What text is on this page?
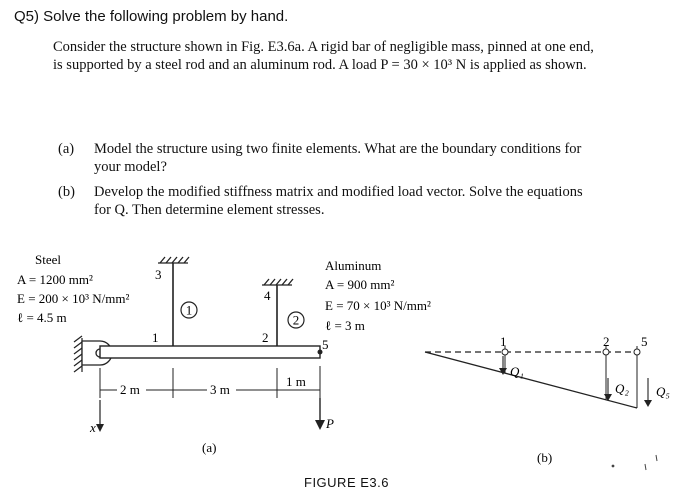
Q5) Solve the following problem by hand.
Consider the structure shown in Fig. E3.6a. A rigid bar of negligible mass, pinned at one end,
is supported by a steel rod and an aluminum rod. A load P = 30 × 10³ N is applied as shown.
(a) Model the structure using two finite elements. What are the boundary conditions for
your model?
(b) Develop the modified stiffness matrix and modified load vector. Solve the equations
for Q. Then determine element stresses.
Steel
A = 1200 mm²
E = 200 × 10³ N/mm²
ℓ = 4.5 m
Aluminum
A = 900 mm²
E = 70 × 10³ N/mm²
ℓ = 3 m
3
4
1	2	5
1
2
2 m	3 m
1 m
x	P
(a)
1	2 5
Q₁
Q₂ Q₅
(b)
FIGURE E3.6
